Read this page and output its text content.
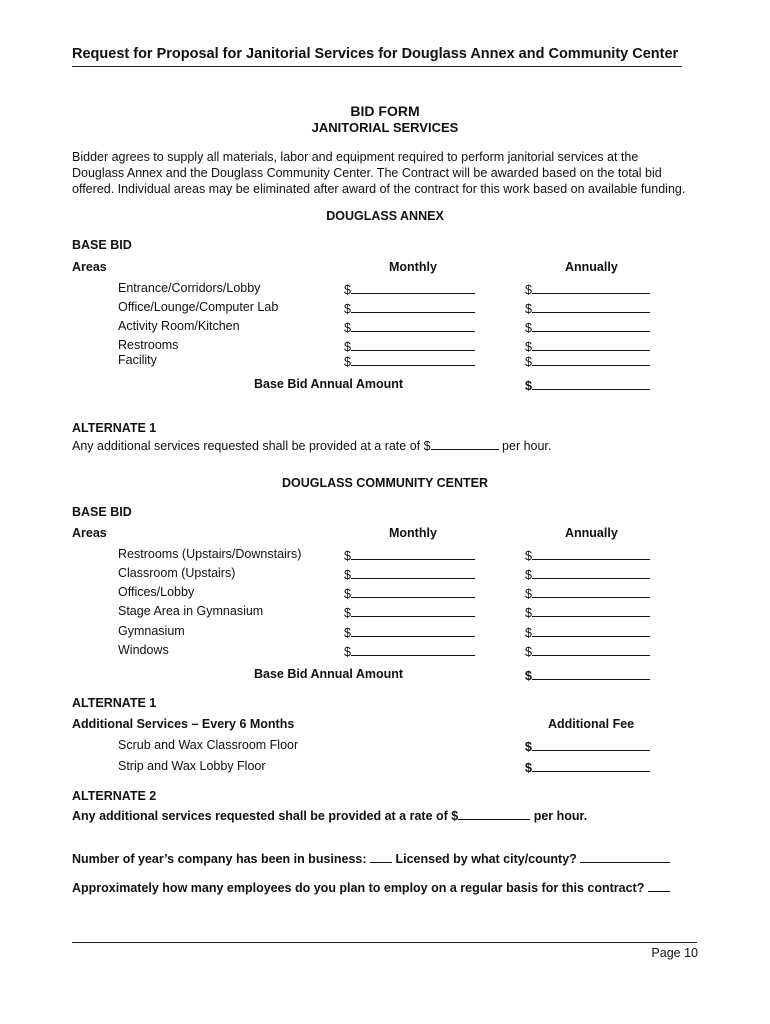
Request for Proposal for Janitorial Services for Douglass Annex and Community Center
BID FORM
JANITORIAL SERVICES
Bidder agrees to supply all materials, labor and equipment required to perform janitorial services at the
Douglass Annex and the Douglass Community Center. The Contract will be awarded based on the total bid
offered. Individual areas may be eliminated after award of the contract for this work based on available funding.
DOUGLASS ANNEX
BASE BID
Areas	Monthly	Annually
Entrance/Corridors/Lobby	$	$
Office/Lounge/Computer Lab	$	$
Activity Room/Kitchen	$	$
Restrooms	$	$
Facility	$	$
Base Bid Annual Amount	$
ALTERNATE 1
Any additional services requested shall be provided at a rate of $	per hour.
DOUGLASS COMMUNITY CENTER
BASE BID
Areas	Monthly	Annually
Restrooms (Upstairs/Downstairs)	$	$
Classroom (Upstairs)	$	$
Offices/Lobby	$	$
Stage Area in Gymnasium	$	$
Gymnasium	$	$
Windows	$	$
Base Bid Annual Amount	$
ALTERNATE 1
Additional Services – Every 6 Months	Additional Fee
Scrub and Wax Classroom Floor	$
Strip and Wax Lobby Floor	$
ALTERNATE 2
Any additional services requested shall be provided at a rate of $	per hour.
Number of year’s company has been in business: Licensed by what city/county?
Approximately how many employees do you plan to employ on a regular basis for this contract?
Page 10
